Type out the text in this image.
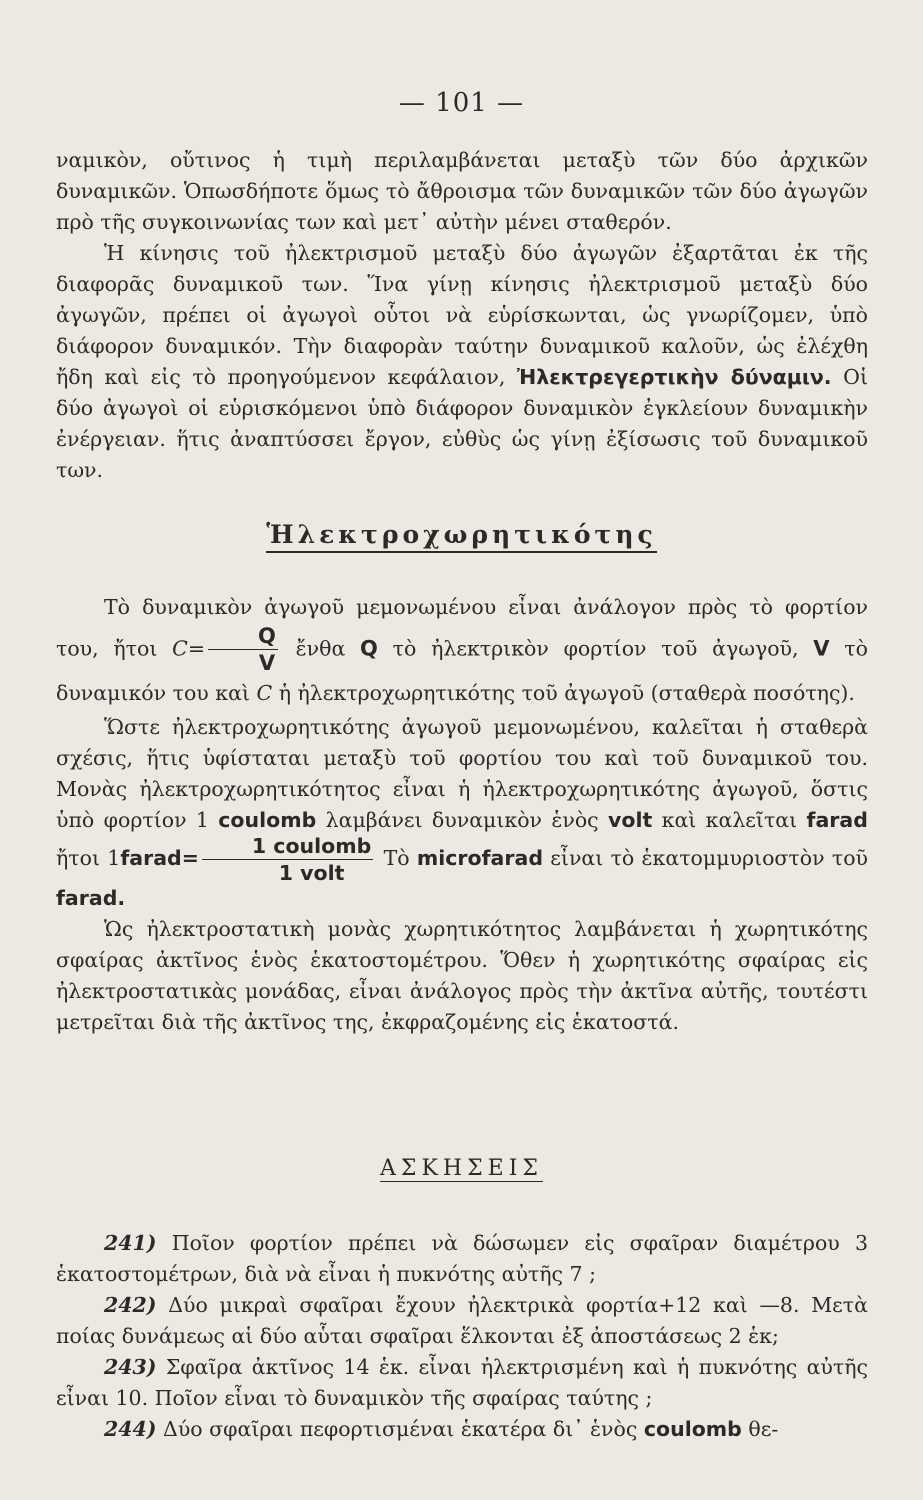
— 101 —

ναμικὸν, οὔτινος ἡ τιμὴ περιλαμβάνεται μεταξὺ τῶν δύο ἀρχικῶν δυναμικῶν. Ὁπωσδήποτε ὅμως τὸ ἄθροισμα τῶν δυναμικῶν τῶν δύο ἀγωγῶν πρὸ τῆς συγκοινωνίας των καὶ μετ᾽ αὐτὴν μένει σταθερόν.

Ἡ κίνησις τοῦ ἠλεκτρισμοῦ μεταξὺ δύο ἀγωγῶν ἐξαρτᾶται ἐκ τῆς διαφορᾶς δυναμικοῦ των. Ἵνα γίνῃ κίνησις ἠλεκτρισμοῦ μεταξὺ δύο ἀγωγῶν, πρέπει οἱ ἀγωγοὶ οὗτοι νὰ εὑρίσκωνται, ὡς γνωρίζομεν, ὑπὸ διάφορον δυναμικόν. Τὴν διαφορὰν ταύτην δυναμικοῦ καλοῦν, ὡς ἐλέχθη ἤδη καὶ εἰς τὸ προηγούμενον κεφάλαιον, Ἠλεκτρεγερτικὴν δύναμιν. Οἱ δύο ἀγωγοὶ οἱ εὑρισκόμενοι ὑπὸ διάφορον δυναμικὸν ἐγκλείουν δυναμικὴν ἐνέργειαν. ἥτις ἀναπτύσσει ἔργον, εὐθὺς ὡς γίνῃ ἐξίσωσις τοῦ δυναμικοῦ των.

Ἡλεκτροχωρητικότης

Τὸ δυναμικὸν ἀγωγοῦ μεμονωμένου εἶναι ἀνάλογον πρὸς τὸ φορτίον του, ἤτοι $C= \frac{Q}{V}$ ἔνθα Q τὸ ἠλεκτρικὸν φορτίον τοῦ ἀγωγοῦ, V τὸ δυναμικόν του καὶ C ἡ ἠλεκτροχωρητικότης τοῦ ἀγωγοῦ (σταθερὰ ποσότης).

Ὥστε ἠλεκτροχωρητικότης ἀγωγοῦ μεμονωμένου, καλεῖται ἡ σταθερὰ σχέσις, ἥτις ὑφίσταται μεταξὺ τοῦ φορτίου του καὶ τοῦ δυναμικοῦ του. Μονὰς ἠλεκτροχωρητικότητος εἶναι ἡ ἠλεκτροχωρητικότης ἀγωγοῦ, ὅστις ὑπὸ φορτίον 1 coulomb λαμβάνει δυναμικὸν ἑνὸς volt καὶ καλεῖται farad ἤτοι 1farad= $\frac{\text{1 coulomb}}{\text{1 volt}}$ Τὸ microfarad εἶναι τὸ ἑκατομμυριοστὸν τοῦ farad.

Ὡς ἠλεκτροστατικὴ μονὰς χωρητικότητος λαμβάνεται ἡ χωρητικότης σφαίρας ἀκτῖνος ἑνὸς ἑκατοστομέτρου. Ὅθεν ἡ χωρητικότης σφαίρας εἰς ἠλεκτροστατικὰς μονάδας, εἶναι ἀνάλογος πρὸς τὴν ἀκτῖνα αὐτῆς, τουτέστι μετρεῖται διὰ τῆς ἀκτῖνος της, ἐκφραζομένης εἰς ἑκατοστά.

ΑΣΚΗΣΕΙΣ

241) Ποῖον φορτίον πρέπει νὰ δώσωμεν εἰς σφαῖραν διαμέτρου 3 ἑκατοστομέτρων, διὰ νὰ εἶναι ἡ πυκνότης αὐτῆς 7 ;

242) Δύο μικραὶ σφαῖραι ἔχουν ἠλεκτρικὰ φορτία+12 καὶ —8. Μετὰ ποίας δυνάμεως αἱ δύο αὗται σφαῖραι ἕλκονται ἐξ ἀποστάσεως 2 ἑκ;

243) Σφαῖρα ἀκτῖνος 14 ἑκ. εἶναι ἠλεκτρισμένη καὶ ἡ πυκνότης αὐτῆς εἶναι 10. Ποῖον εἶναι τὸ δυναμικὸν τῆς σφαίρας ταύτης ;

244) Δύο σφαῖραι πεφορτισμέναι ἑκατέρα δι᾽ ἑνὸς coulomb θε-
